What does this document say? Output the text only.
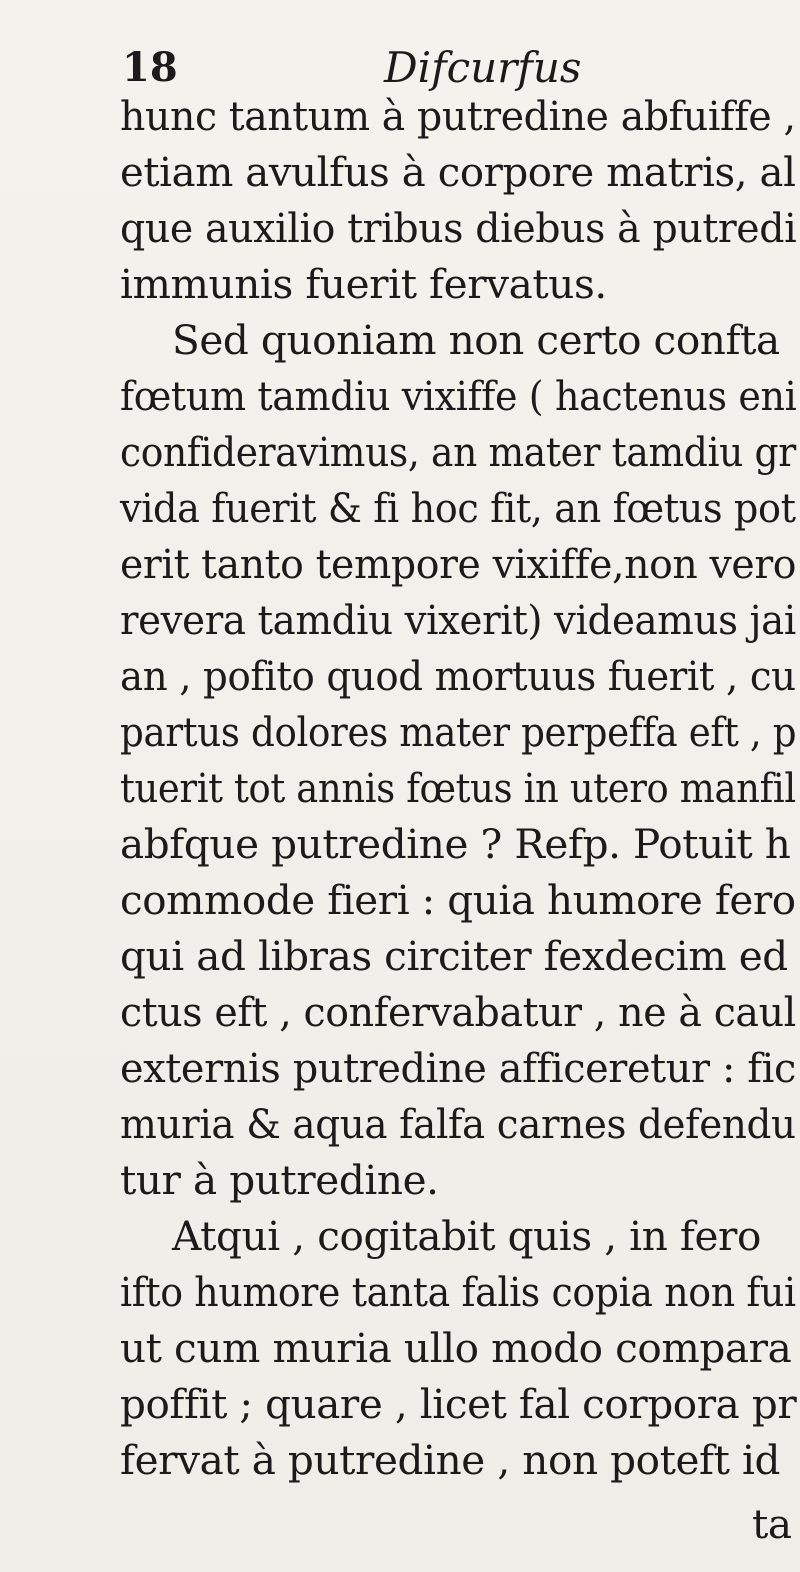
18	Difcurfus
hunc tantum à putredine abfuiffe ,
etiam avulfus à corpore matris, al
que auxilio tribus diebus à putredi
immunis fuerit fervatus.
Sed quoniam non certo confta
fœtum tamdiu vixiffe ( hactenus eni
confideravimus, an mater tamdiu gr
vida fuerit & fi hoc fit, an fœtus pot
erit tanto tempore vixiffe,non vero
revera tamdiu vixerit) videamus jai
an , pofito quod mortuus fuerit , cu
partus dolores mater perpeffa eft , p
tuerit tot annis fœtus in utero manfil
abfque putredine ? Refp. Potuit h
commode fieri : quia humore fero
qui ad libras circiter fexdecim ed
ctus eft , confervabatur , ne à caul
externis putredine afficeretur : fic
muria & aqua falfa carnes defendu
tur à putredine.
Atqui , cogitabit quis , in fero
ifto humore tanta falis copia non fui
ut cum muria ullo modo compara
poffit ; quare , licet fal corpora pr
fervat à putredine , non poteft id
ta
